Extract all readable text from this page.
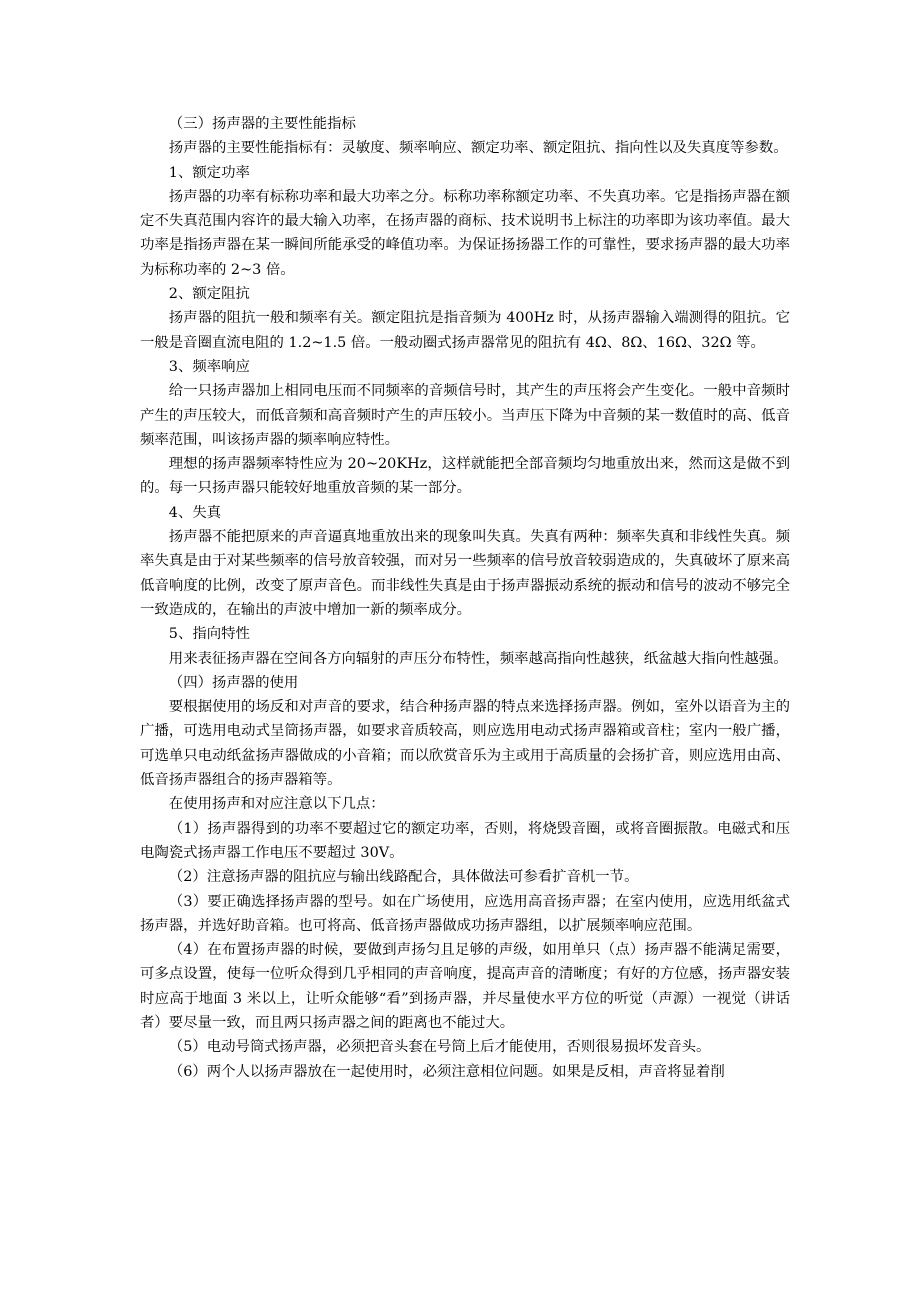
（三）扬声器的主要性能指标

扬声器的主要性能指标有：灵敏度、频率响应、额定功率、额定阻抗、指向性以及失真度等参数。

1、额定功率

扬声器的功率有标称功率和最大功率之分。标称功率称额定功率、不失真功率。它是指扬声器在额定不失真范围内容许的最大输入功率，在扬声器的商标、技术说明书上标注的功率即为该功率值。最大功率是指扬声器在某一瞬间所能承受的峰值功率。为保证扬扬器工作的可靠性，要求扬声器的最大功率为标称功率的 2~3 倍。

2、额定阻抗

扬声器的阻抗一般和频率有关。额定阻抗是指音频为 400Hz 时，从扬声器输入端测得的阻抗。它一般是音圈直流电阻的 1.2~1.5 倍。一般动圈式扬声器常见的阻抗有 4Ω、8Ω、16Ω、32Ω 等。

3、频率响应

给一只扬声器加上相同电压而不同频率的音频信号时，其产生的声压将会产生变化。一般中音频时产生的声压较大，而低音频和高音频时产生的声压较小。当声压下降为中音频的某一数值时的高、低音频率范围，叫该扬声器的频率响应特性。

理想的扬声器频率特性应为 20~20KHz，这样就能把全部音频均匀地重放出来，然而这是做不到的。每一只扬声器只能较好地重放音频的某一部分。

4、失真

扬声器不能把原来的声音逼真地重放出来的现象叫失真。失真有两种：频率失真和非线性失真。频率失真是由于对某些频率的信号放音较强，而对另一些频率的信号放音较弱造成的，失真破坏了原来高低音响度的比例，改变了原声音色。而非线性失真是由于扬声器振动系统的振动和信号的波动不够完全一致造成的，在输出的声波中增加一新的频率成分。

5、指向特性

用来表征扬声器在空间各方向辐射的声压分布特性，频率越高指向性越狭，纸盆越大指向性越强。

（四）扬声器的使用

要根据使用的场反和对声音的要求，结合种扬声器的特点来选择扬声器。例如，室外以语音为主的广播，可选用电动式呈筒扬声器，如要求音质较高，则应选用电动式扬声器箱或音柱；室内一般广播，可选单只电动纸盆扬声器做成的小音箱；而以欣赏音乐为主或用于高质量的会扬扩音，则应选用由高、低音扬声器组合的扬声器箱等。

在使用扬声和对应注意以下几点：

（1）扬声器得到的功率不要超过它的额定功率，否则，将烧毁音圈，或将音圈振散。电磁式和压电陶瓷式扬声器工作电压不要超过 30V。

（2）注意扬声器的阻抗应与输出线路配合，具体做法可参看扩音机一节。

（3）要正确选择扬声器的型号。如在广场使用，应选用高音扬声器；在室内使用，应选用纸盆式扬声器，并选好助音箱。也可将高、低音扬声器做成功扬声器组，以扩展频率响应范围。

（4）在布置扬声器的时候，要做到声扬匀且足够的声级，如用单只（点）扬声器不能满足需要，可多点设置，使每一位听众得到几乎相同的声音响度，提高声音的清晰度；有好的方位感，扬声器安装时应高于地面 3 米以上，让听众能够“看”到扬声器，并尽量使水平方位的听觉（声源）一视觉（讲话者）要尽量一致，而且两只扬声器之间的距离也不能过大。

（5）电动号筒式扬声器，必须把音头套在号筒上后才能使用，否则很易损坏发音头。

（6）两个人以扬声器放在一起使用时，必须注意相位问题。如果是反相，声音将显着削
